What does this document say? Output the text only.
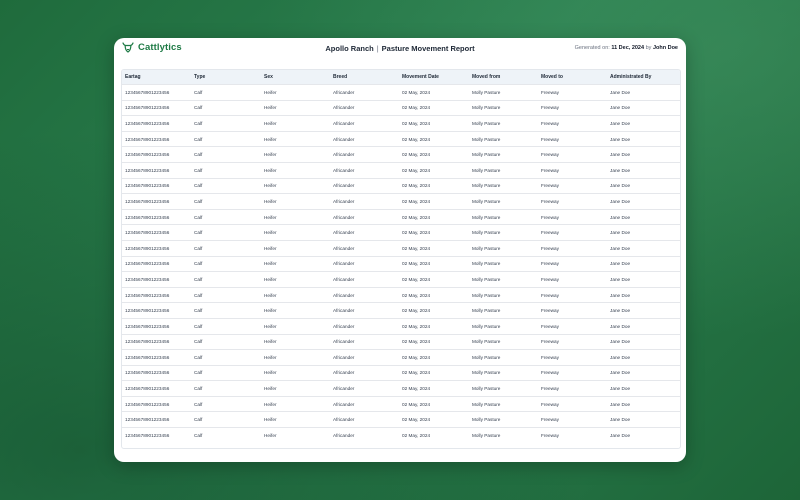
Cattlytics	Apollo Ranch | Pasture Movement Report	Generated on: 11 Dec, 2024 by John Doe
Eartag	Type	Sex	Breed	Movement Date	Moved from	Moved to	Administrated By
12345678901223456	Calf	Heifer	Africander	02 May, 2024	Molly Pasture	Freeway	Jane Doe
12345678901223456	Calf	Heifer	Africander	02 May, 2024	Molly Pasture	Freeway	Jane Doe
12345678901223456	Calf	Heifer	Africander	02 May, 2024	Molly Pasture	Freeway	Jane Doe
12345678901223456	Calf	Heifer	Africander	02 May, 2024	Molly Pasture	Freeway	Jane Doe
12345678901223456	Calf	Heifer	Africander	02 May, 2024	Molly Pasture	Freeway	Jane Doe
12345678901223456	Calf	Heifer	Africander	02 May, 2024	Molly Pasture	Freeway	Jane Doe
12345678901223456	Calf	Heifer	Africander	02 May, 2024	Molly Pasture	Freeway	Jane Doe
12345678901223456	Calf	Heifer	Africander	02 May, 2024	Molly Pasture	Freeway	Jane Doe
12345678901223456	Calf	Heifer	Africander	02 May, 2024	Molly Pasture	Freeway	Jane Doe
12345678901223456	Calf	Heifer	Africander	02 May, 2024	Molly Pasture	Freeway	Jane Doe
12345678901223456	Calf	Heifer	Africander	02 May, 2024	Molly Pasture	Freeway	Jane Doe
12345678901223456	Calf	Heifer	Africander	02 May, 2024	Molly Pasture	Freeway	Jane Doe
12345678901223456	Calf	Heifer	Africander	02 May, 2024	Molly Pasture	Freeway	Jane Doe
12345678901223456	Calf	Heifer	Africander	02 May, 2024	Molly Pasture	Freeway	Jane Doe
12345678901223456	Calf	Heifer	Africander	02 May, 2024	Molly Pasture	Freeway	Jane Doe
12345678901223456	Calf	Heifer	Africander	02 May, 2024	Molly Pasture	Freeway	Jane Doe
12345678901223456	Calf	Heifer	Africander	02 May, 2024	Molly Pasture	Freeway	Jane Doe
12345678901223456	Calf	Heifer	Africander	02 May, 2024	Molly Pasture	Freeway	Jane Doe
12345678901223456	Calf	Heifer	Africander	02 May, 2024	Molly Pasture	Freeway	Jane Doe
12345678901223456	Calf	Heifer	Africander	02 May, 2024	Molly Pasture	Freeway	Jane Doe
12345678901223456	Calf	Heifer	Africander	02 May, 2024	Molly Pasture	Freeway	Jane Doe
12345678901223456	Calf	Heifer	Africander	02 May, 2024	Molly Pasture	Freeway	Jane Doe
12345678901223456	Calf	Heifer	Africander	02 May, 2024	Molly Pasture	Freeway	Jane Doe
